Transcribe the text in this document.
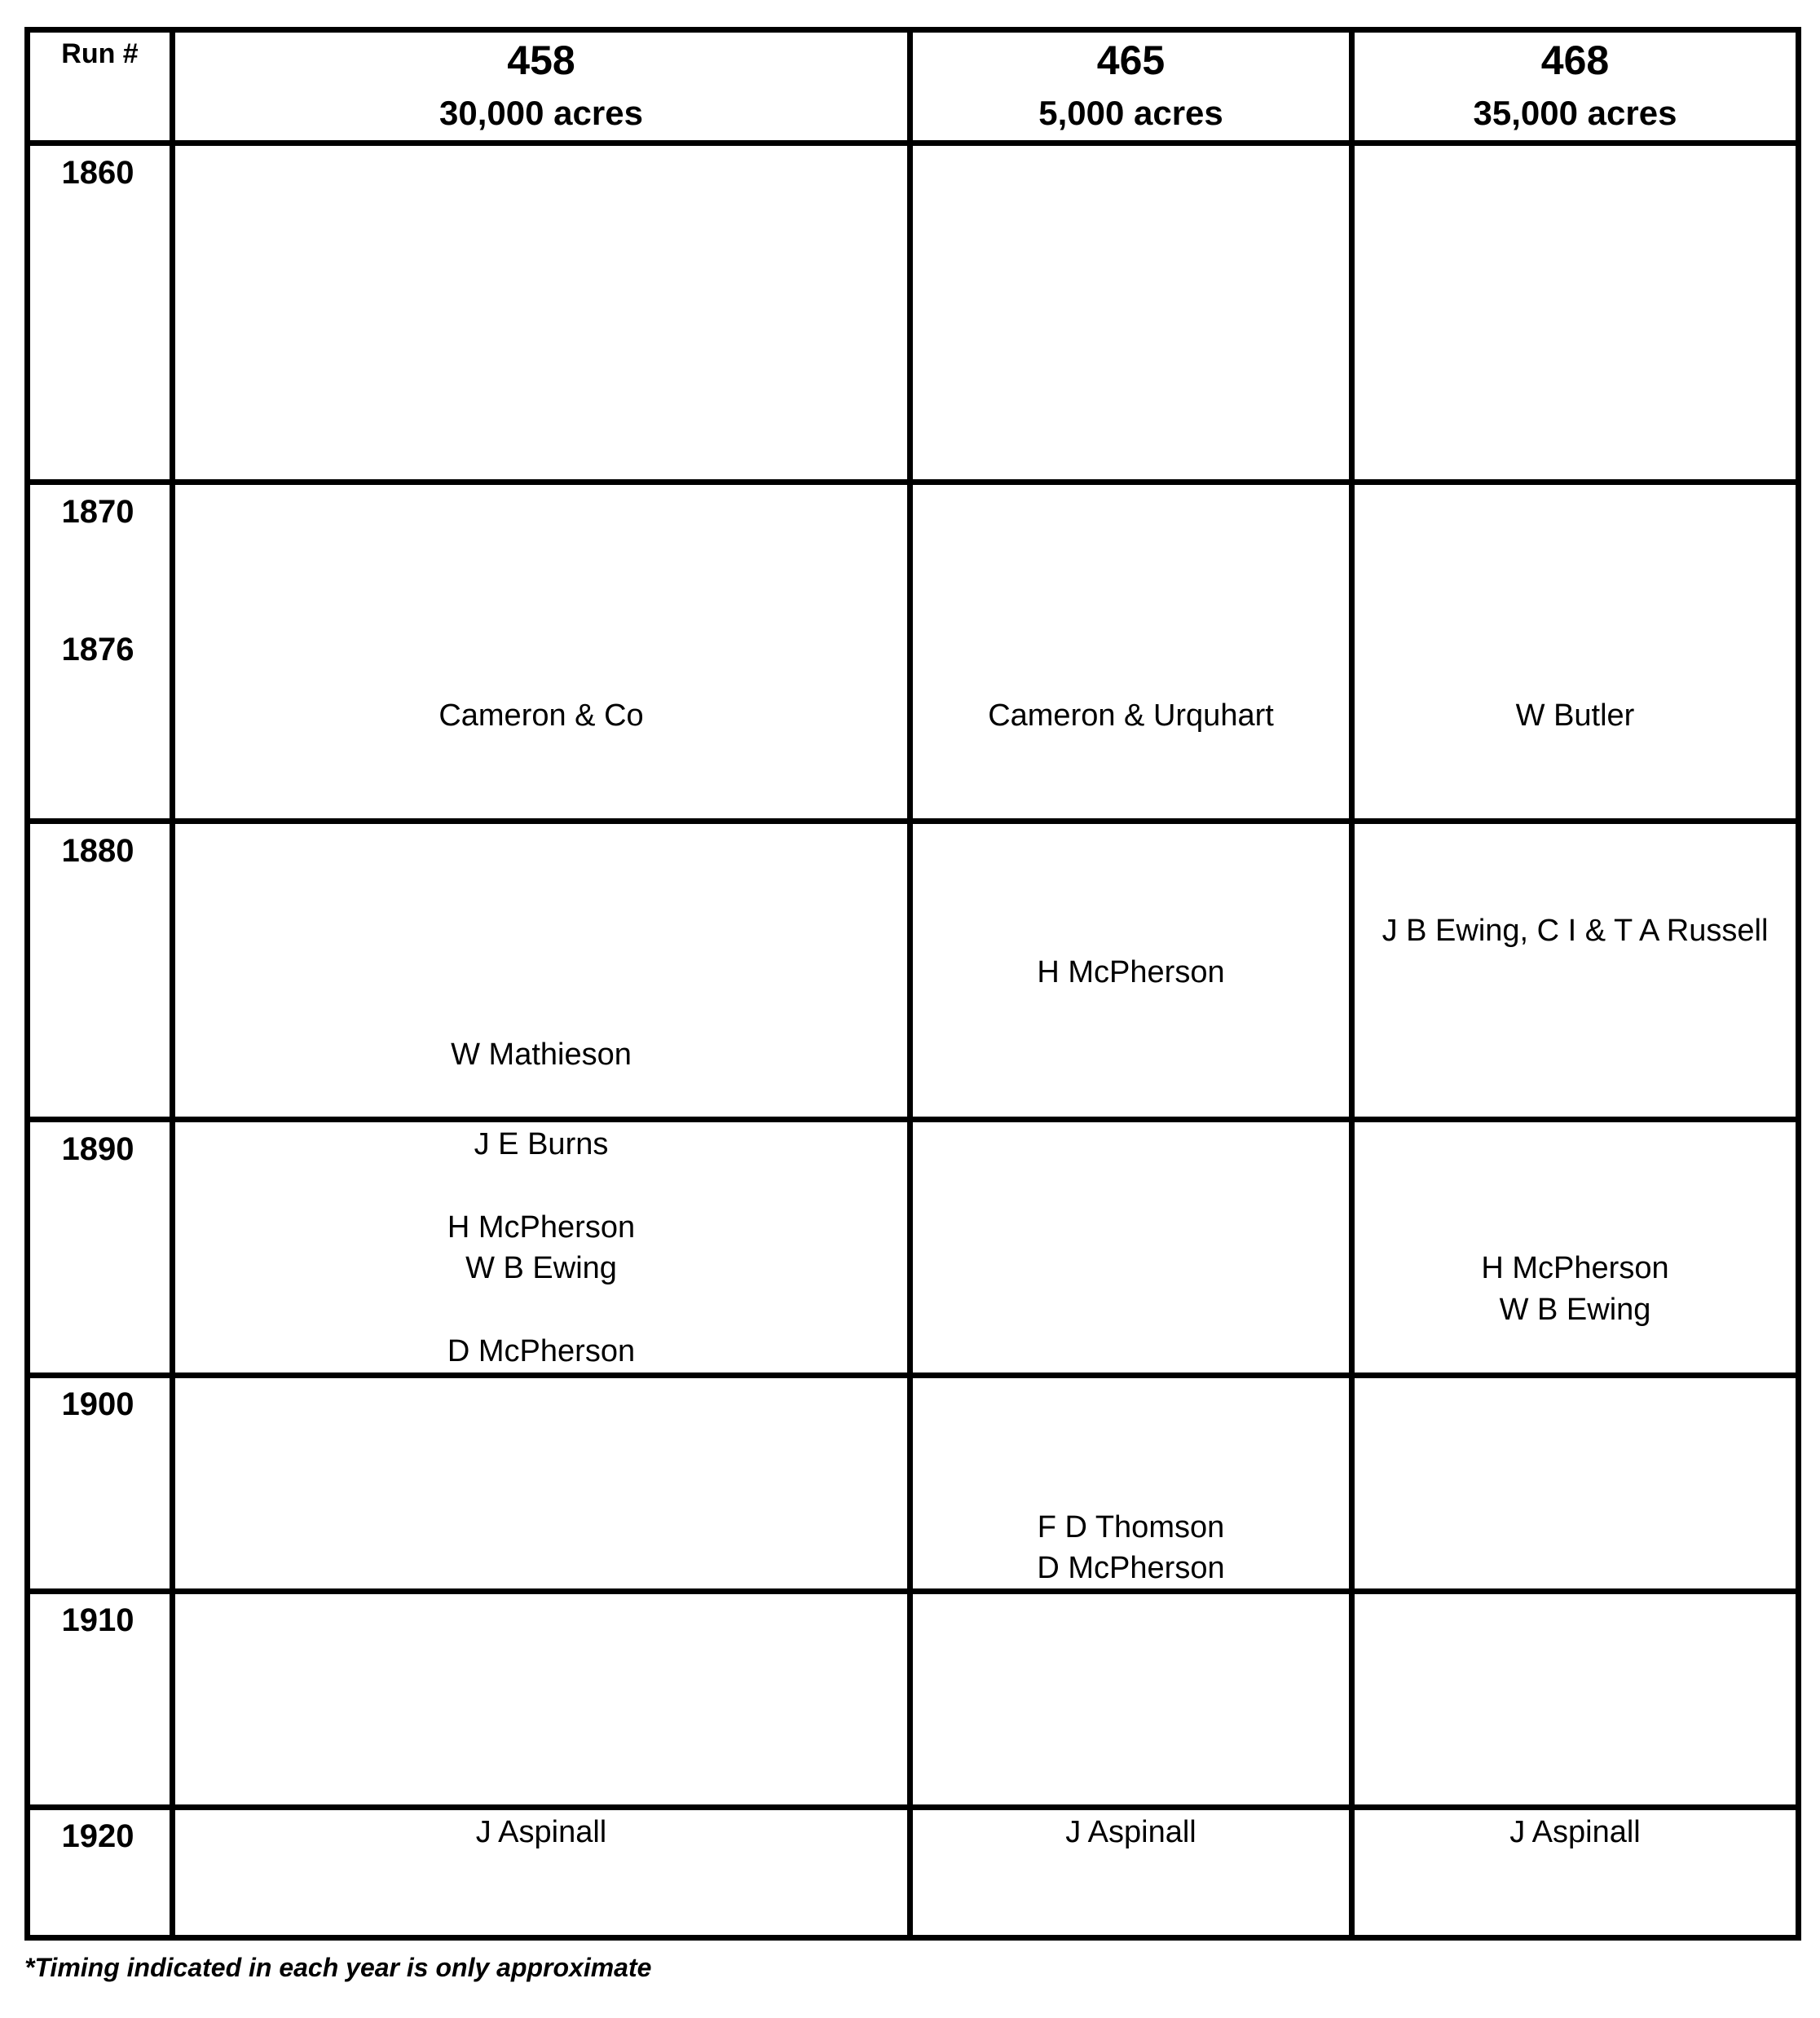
Run #	458
30,000 acres
465
5,000 acres
468
35,000 acres
1860
1870
1876
1880
1890
1900
1910
1920
Cameron & Co
W Mathieson
J E Burns
H McPherson
W B Ewing
D McPherson
J Aspinall
Cameron & Urquhart
H McPherson
F D Thomson
D McPherson
J Aspinall
W Butler
J B Ewing, C I & T A Russell
H McPherson
W B Ewing
J Aspinall
*Timing indicated in each year is only approximate
